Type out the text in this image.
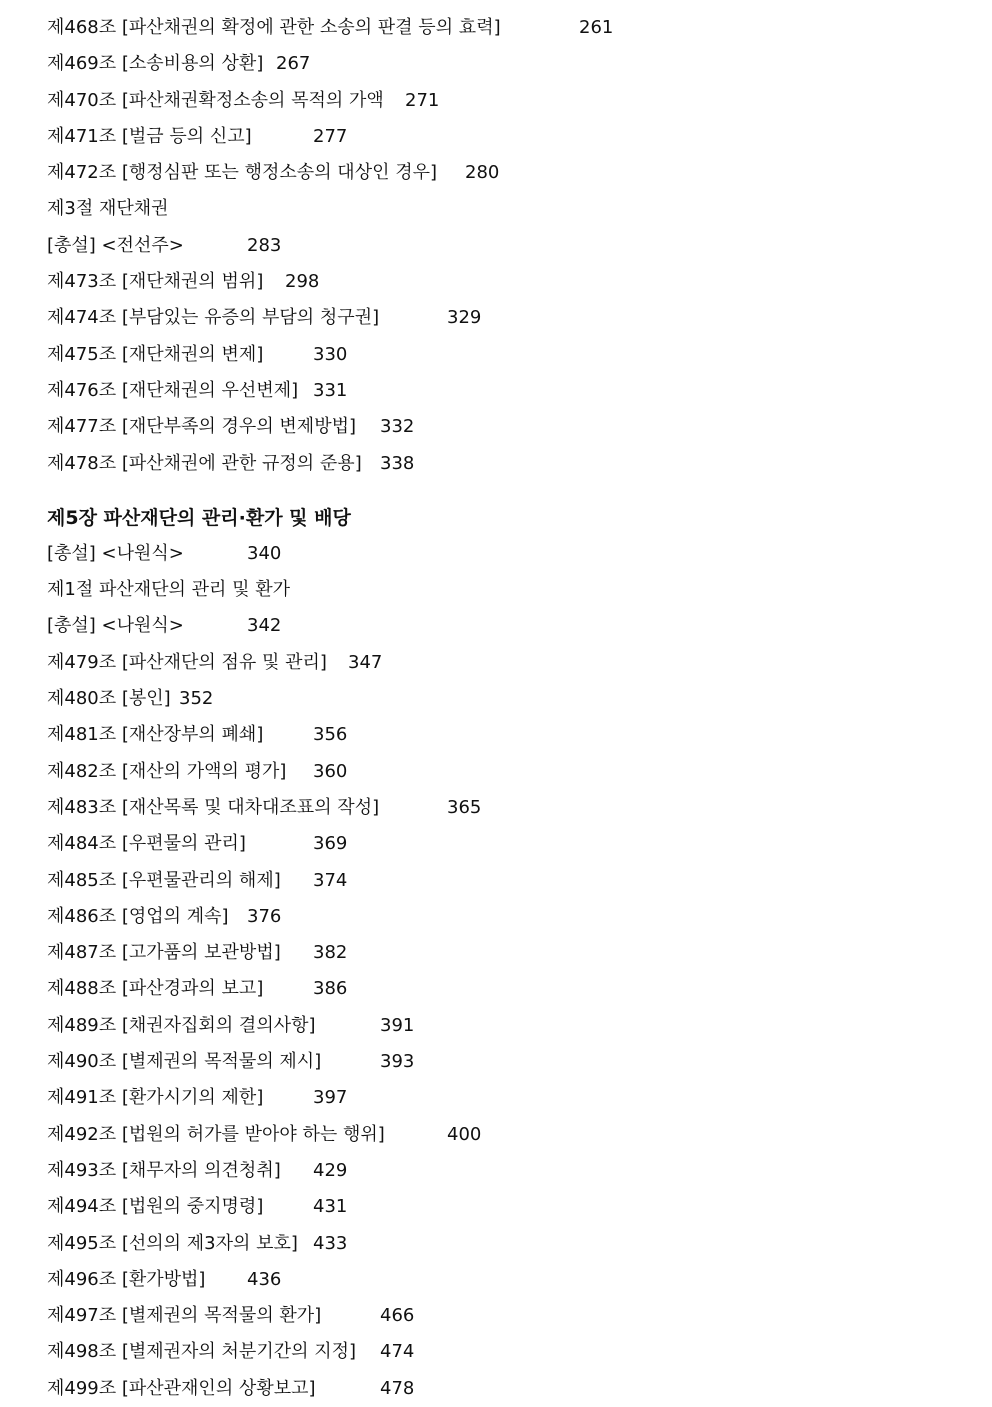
제468조 [파산채권의 확정에 관한 소송의 판결 등의 효력]	261
제469조 [소송비용의 상환] 267
제470조 [파산채권확정소송의 목적의 가액 271
제471조 [벌금 등의 신고]	277
제472조 [행정심판 또는 행정소송의 대상인 경우] 280
제3절 재단채권
[총설] <전선주>	283
제473조 [재단채권의 범위] 298
제474조 [부담있는 유증의 부담의 청구권]	329
제475조 [재단채권의 변제]	330
제476조 [재단채권의 우선변제] 331
제477조 [재단부족의 경우의 변제방법] 332
제478조 [파산채권에 관한 규정의 준용] 338
제5장 파산재단의 관리·환가 및 배당
[총설] <나원식>	340
제1절 파산재단의 관리 및 환가
[총설] <나원식>	342
제479조 [파산재단의 점유 및 관리] 347
제480조 [봉인] 352
제481조 [재산장부의 폐쇄]	356
제482조 [재산의 가액의 평가] 360
제483조 [재산목록 및 대차대조표의 작성]	365
제484조 [우편물의 관리]	369
제485조 [우편물관리의 해제] 374
제486조 [영업의 계속] 376
제487조 [고가품의 보관방법] 382
제488조 [파산경과의 보고]	386
제489조 [채권자집회의 결의사항]	391
제490조 [별제권의 목적물의 제시]	393
제491조 [환가시기의 제한]	397
제492조 [법원의 허가를 받아야 하는 행위]	400
제493조 [채무자의 의견청취] 429
제494조 [법원의 중지명령]	431
제495조 [선의의 제3자의 보호] 433
제496조 [환가방법] 436
제497조 [별제권의 목적물의 환가]	466
제498조 [별제권자의 처분기간의 지정] 474
제499조 [파산관재인의 상황보고]	478
